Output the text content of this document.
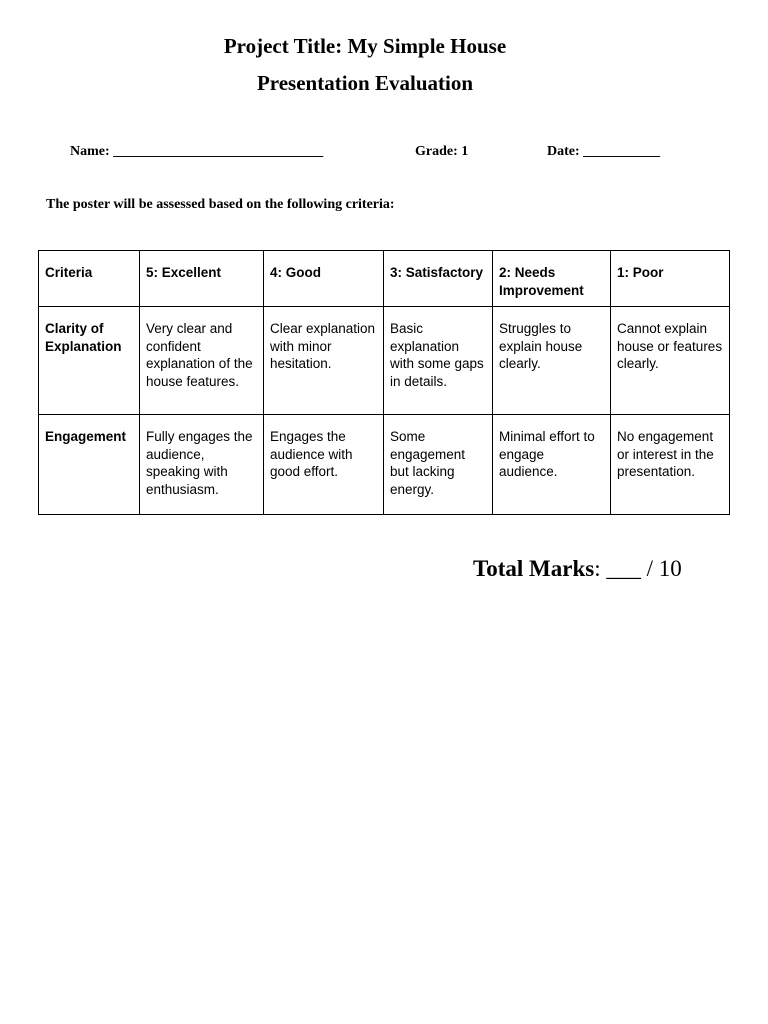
Project Title: My Simple House
Presentation Evaluation
Name: ______________________________	Grade: 1	Date: ___________
The poster will be assessed based on the following criteria:
Criteria	5: Excellent	4: Good	3: Satisfactory	2: Needs Improvement	1: Poor
Clarity of Explanation	Very clear and confident explanation of the house features.	Clear explanation with minor hesitation.	Basic explanation with some gaps in details.	Struggles to explain house clearly.	Cannot explain house or features clearly.
Engagement	Fully engages the audience, speaking with enthusiasm.	Engages the audience with good effort.	Some engagement but lacking energy.	Minimal effort to engage audience.	No engagement or interest in the presentation.
Total Marks: ___ / 10
